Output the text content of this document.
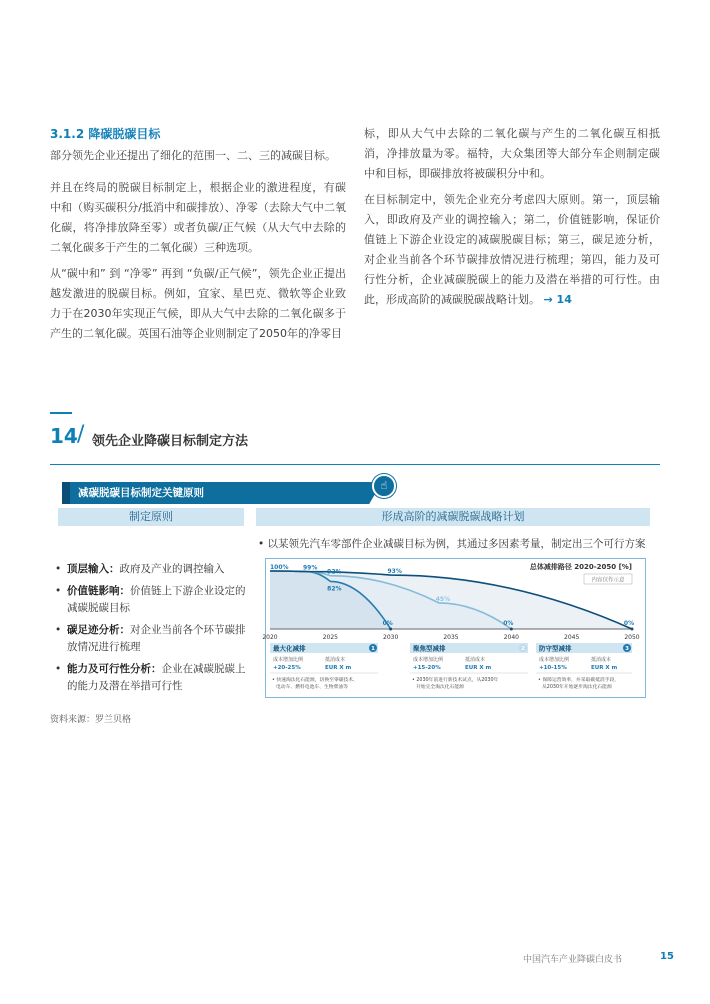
3.1.2 降碳脱碳目标

部分领先企业还提出了细化的范围一、二、三的减碳目标。

并且在终局的脱碳目标制定上，根据企业的激进程度，有碳中和（购买碳积分/抵消中和碳排放）、净零（去除大气中二氧化碳，将净排放降至零）或者负碳/正气候（从大气中去除的二氧化碳多于产生的二氧化碳）三种选项。

从“碳中和” 到 “净零” 再到 “负碳/正气候”，领先企业正提出越发激进的脱碳目标。例如，宜家、星巴克、微软等企业致力于在2030年实现正气候，即从大气中去除的二氧化碳多于产生的二氧化碳。英国石油等企业则制定了2050年的净零目

标，即从大气中去除的二氧化碳与产生的二氧化碳互相抵消，净排放量为零。福特，大众集团等大部分车企则制定碳中和目标，即碳排放将被碳积分中和。

在目标制定中，领先企业充分考虑四大原则。第一，顶层输入，即政府及产业的调控输入；第二，价值链影响，保证价值链上下游企业设定的减碳脱碳目标；第三，碳足迹分析，对企业当前各个环节碳排放情况进行梳理；第四，能力及可行性分析，企业减碳脱碳上的能力及潜在举措的可行性。由此，形成高阶的减碳脱碳战略计划。 → 14
14 / 领先企业降碳目标制定方法
减碳脱碳目标制定关键原则
☝
制定原则	形成高阶的减碳脱碳战略计划
• 以某领先汽车零部件企业减碳目标为例，其通过多因素考量，制定出三个可行方案
• 顶层输入：政府及产业的调控输入
• 价值链影响：价值链上下游企业设定的减碳脱碳目标
• 碳足迹分析：对企业当前各个环节碳排放情况进行梳理
• 能力及可行性分析：企业在减碳脱碳上的能力及潜在举措可行性
总体减排路径 2020-2050 [%]
内容仅作示意
100% 99%
92%
82%
93%
45%
0%	0%	0%
2020	2025	2030	2035	2040	2045	2050
最大化减排	1
成本增加比例	抵消成本
+20-25%	EUR X m
• 快速淘汰化石能源，切换至零碳技术、
电动车、燃料电池车、生物柴油等
聚焦型减排	2
成本增加比例	抵消成本
+15-20%	EUR X m
• 2030年前进行新技术试点，从2030年
开始完全淘汰化石能源
防守型减排	3
成本增加比例	抵消成本
+10-15%	EUR X m
• 保障运营效率，并采取碳抵消手段，
从2030年开始逐步淘汰化石能源
资料来源：罗兰贝格
中国汽车产业降碳白皮书	15
